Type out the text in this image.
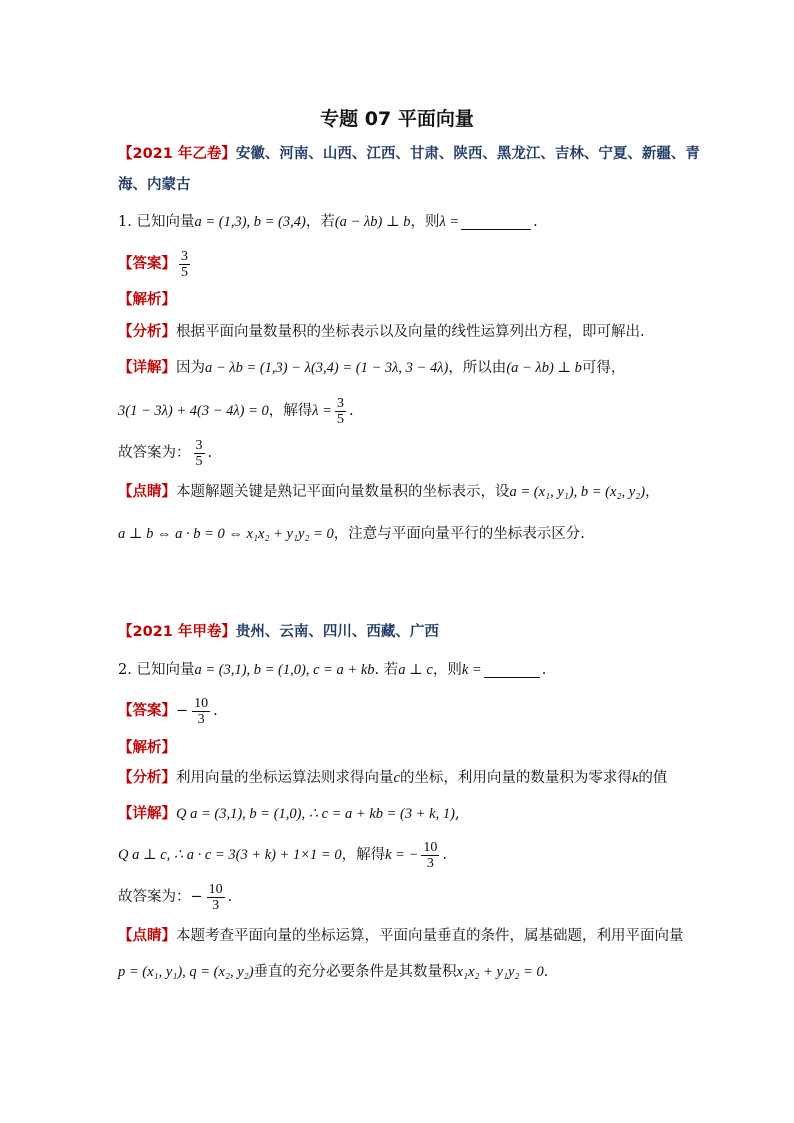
专题 07 平面向量
【2021 年乙卷】 安徽、河南、山西、江西、甘肃、陕西、黑龙江、吉林、宁夏、新疆、青
海、内蒙古
1. 已知向量 a = (1,3), b = (3,4) ，若 (a − λb) ⊥ b ，则 λ =	.
【答案】 $\frac{3}{5}$
【解析】
【分析】 根据平面向量数量积的坐标表示以及向量的线性运算列出方程，即可解出.
【详解】 因为 a − λb = (1,3) − λ(3,4) = (1 − 3λ, 3 − 4λ) ，所以由 (a − λb) ⊥ b 可得，
3(1 − 3λ) + 4(3 − 4λ) = 0 ，解得 $\lambda = \frac{3}{5}$ .
故答案为： $\frac{3}{5}$ .
【点睛】 本题解题关键是熟记平面向量数量积的坐标表示，设 a = (x₁, y₁), b = (x₂, y₂) ，
a ⊥ b ⇔ a · b = 0 ⇔ x₁x₂ + y₁y₂ = 0 ，注意与平面向量平行的坐标表示区分.
【2021 年甲卷】 贵州、云南、四川、西藏、广西
2. 已知向量 a = (3,1), b = (1,0), c = a + kb . 若 a ⊥ c ，则 k =	.
【答案】 − $\frac{10}{3}$ .
【解析】
【分析】 利用向量的坐标运算法则求得向量 c 的坐标，利用向量的数量积为零求得 k 的值
【详解】 Q a = (3,1), b = (1,0), ∴ c = a + kb = (3 + k, 1) ,
Q a ⊥ c, ∴ a · c = 3(3 + k) + 1×1 = 0 ，解得 k = − $\frac{10}{3}$ .
故答案为： − $\frac{10}{3}$ .
【点睛】 本题考查平面向量的坐标运算，平面向量垂直的条件，属基础题，利用平面向量
p = (x₁, y₁), q = (x₂, y₂) 垂直的充分必要条件是其数量积 x₁x₂ + y₁y₂ = 0 .
